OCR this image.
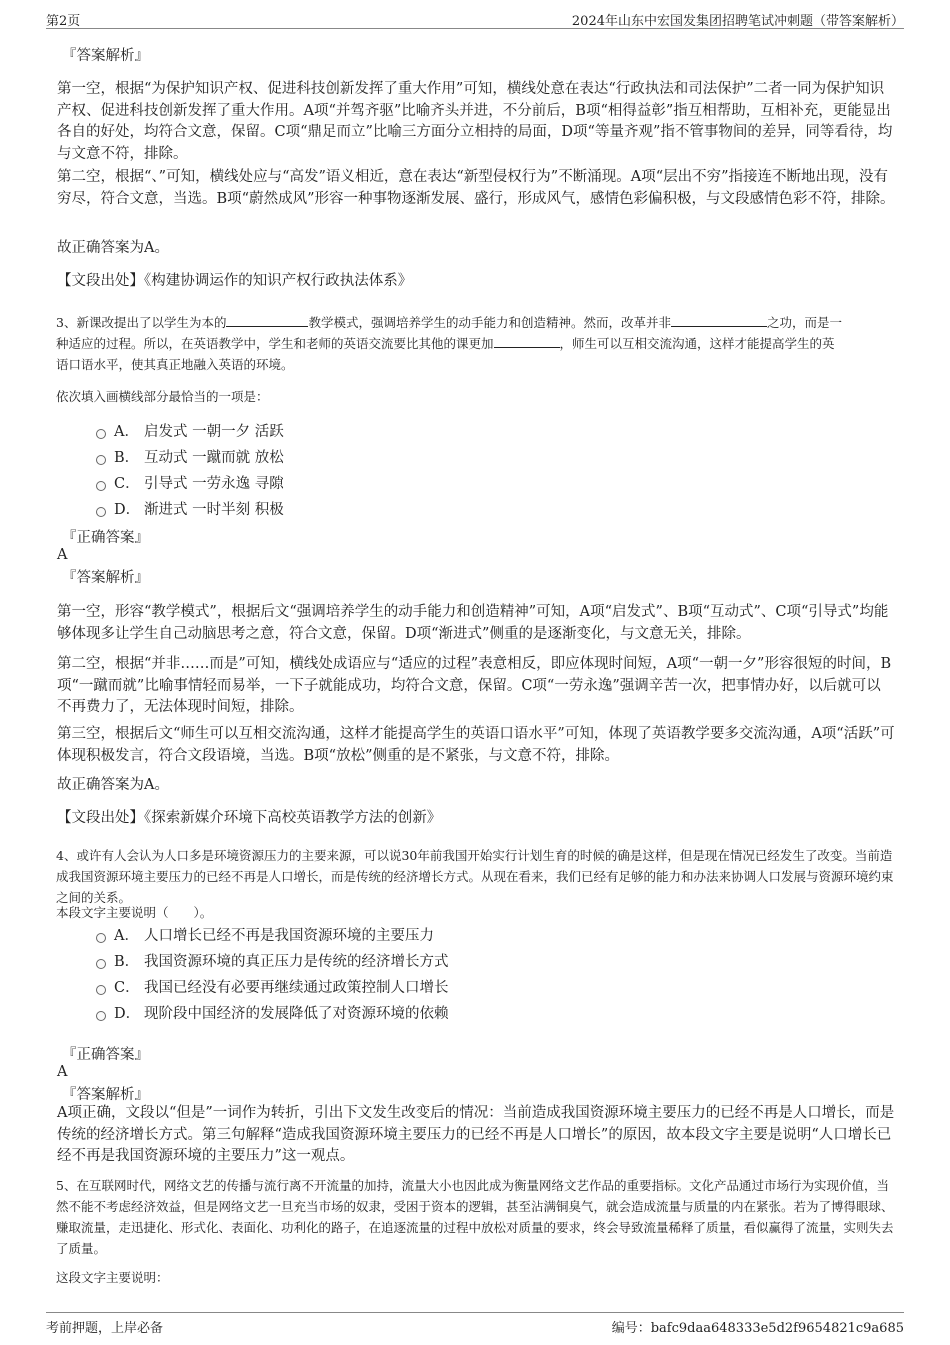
第2页	2024年山东中宏国发集团招聘笔试冲刺题（带答案解析）
『答案解析』
第一空，根据“为保护知识产权、促进科技创新发挥了重大作用”可知，横线处意在表达“行政执法和司法保护”二者一同为保护知识产权、促进科技创新发挥了重大作用。A项“并驾齐驱”比喻齐头并进，不分前后，B项“相得益彰”指互相帮助，互相补充，更能显出各自的好处，均符合文意，保留。C项“鼎足而立”比喻三方面分立相持的局面，D项“等量齐观”指不管事物间的差异，同等看待，均与文意不符，排除。
第二空，根据“、”可知，横线处应与“高发”语义相近，意在表达“新型侵权行为”不断涌现。A项“层出不穷”指接连不断地出现，没有穷尽，符合文意，当选。B项“蔚然成风”形容一种事物逐渐发展、盛行，形成风气，感情色彩偏积极，与文段感情色彩不符，排除。
故正确答案为A。
【文段出处】《构建协调运作的知识产权行政执法体系》
3、新课改提出了以学生为本的	教学模式，强调培养学生的动手能力和创造精神。然而，改革并非	之功，而是一
种适应的过程。所以，在英语教学中，学生和老师的英语交流要比其他的课更加	，师生可以互相交流沟通，这样才能提高学生的英
语口语水平，使其真正地融入英语的环境。
依次填入画横线部分最恰当的一项是：
A． 启发式 一朝一夕 活跃
B． 互动式 一蹴而就 放松
C． 引导式 一劳永逸 寻隙
D． 渐进式 一时半刻 积极
『正确答案』
A
『答案解析』
第一空，形容“教学模式”，根据后文“强调培养学生的动手能力和创造精神”可知，A项“启发式”、B项“互动式”、C项“引导式”均能够体现多让学生自己动脑思考之意，符合文意，保留。D项“渐进式”侧重的是逐渐变化，与文意无关，排除。
第二空，根据“并非……而是”可知，横线处成语应与“适应的过程”表意相反，即应体现时间短，A项“一朝一夕”形容很短的时间，B项“一蹴而就”比喻事情轻而易举，一下子就能成功，均符合文意，保留。C项“一劳永逸”强调辛苦一次，把事情办好，以后就可以不再费力了，无法体现时间短，排除。
第三空，根据后文“师生可以互相交流沟通，这样才能提高学生的英语口语水平”可知，体现了英语教学要多交流沟通，A项“活跃”可体现积极发言，符合文段语境，当选。B项“放松”侧重的是不紧张，与文意不符，排除。
故正确答案为A。
【文段出处】《探索新媒介环境下高校英语教学方法的创新》
4、或许有人会认为人口多是环境资源压力的主要来源，可以说30年前我国开始实行计划生育的时候的确是这样，但是现在情况已经发生了改变。当前造成我国资源环境主要压力的已经不再是人口增长，而是传统的经济增长方式。从现在看来，我们已经有足够的能力和办法来协调人口发展与资源环境约束之间的关系。
本段文字主要说明（　　）。
A． 人口增长已经不再是我国资源环境的主要压力
B． 我国资源环境的真正压力是传统的经济增长方式
C． 我国已经没有必要再继续通过政策控制人口增长
D． 现阶段中国经济的发展降低了对资源环境的依赖
『正确答案』
A
『答案解析』
A项正确，文段以“但是”一词作为转折，引出下文发生改变后的情况：当前造成我国资源环境主要压力的已经不再是人口增长，而是传统的经济增长方式。第三句解释“造成我国资源环境主要压力的已经不再是人口增长”的原因，故本段文字主要是说明“人口增长已经不再是我国资源环境的主要压力”这一观点。
5、在互联网时代，网络文艺的传播与流行离不开流量的加持，流量大小也因此成为衡量网络文艺作品的重要指标。文化产品通过市场行为实现价值，当然不能不考虑经济效益，但是网络文艺一旦充当市场的奴隶，受困于资本的逻辑，甚至沾满铜臭气，就会造成流量与质量的内在紧张。若为了博得眼球、赚取流量，走迅捷化、形式化、表面化、功利化的路子，在追逐流量的过程中放松对质量的要求，终会导致流量稀释了质量，看似赢得了流量，实则失去了质量。
这段文字主要说明：
考前押题，上岸必备	编号：bafc9daa648333e5d2f9654821c9a685
